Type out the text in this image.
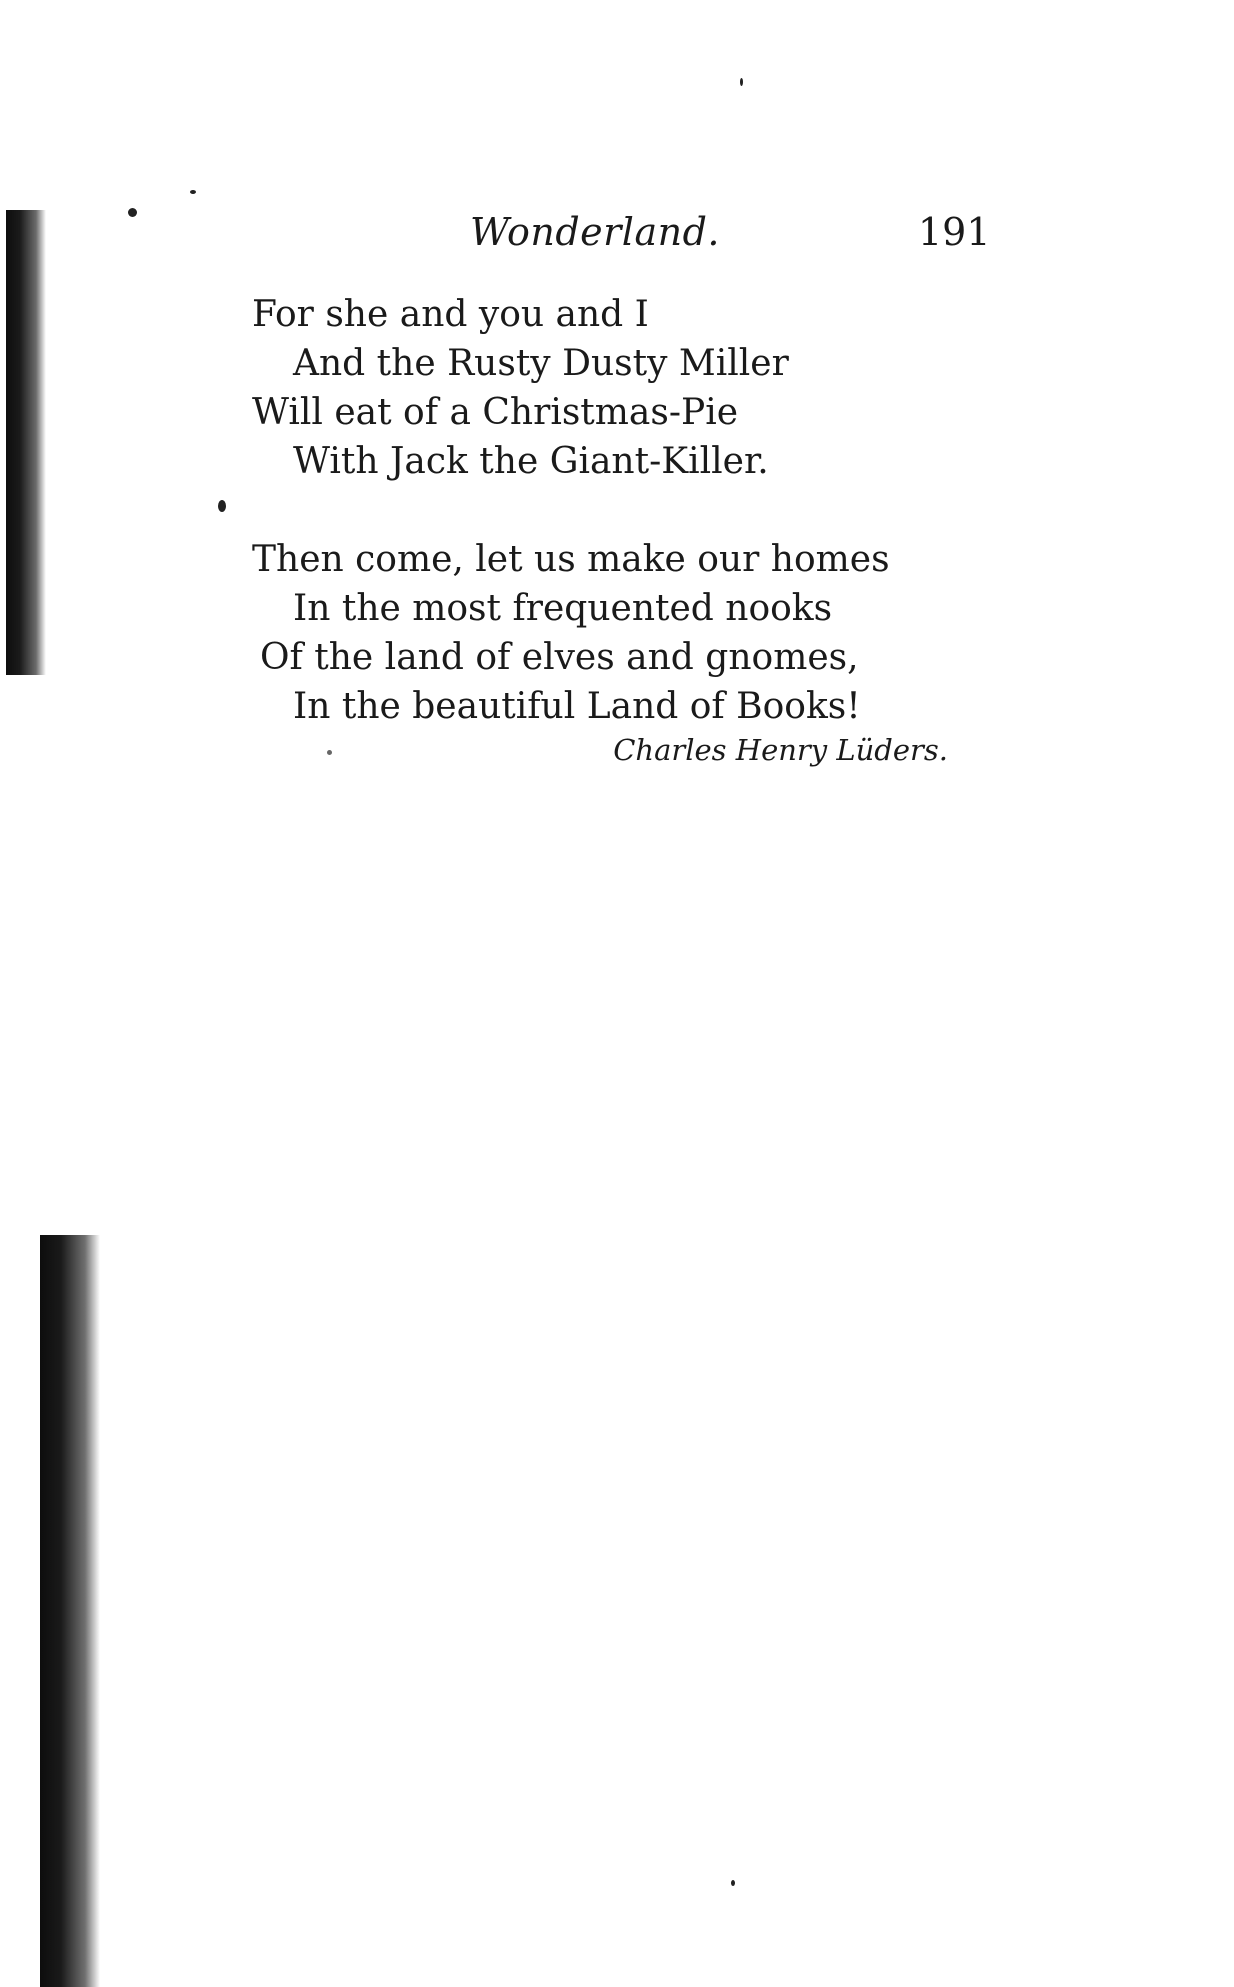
Wonderland.	191
For she and you and I
And the Rusty Dusty Miller
Will eat of a Christmas-Pie
With Jack the Giant-Killer.
Then come, let us make our homes
In the most frequented nooks
Of the land of elves and gnomes,
In the beautiful Land of Books!
Charles Henry Lüders.
